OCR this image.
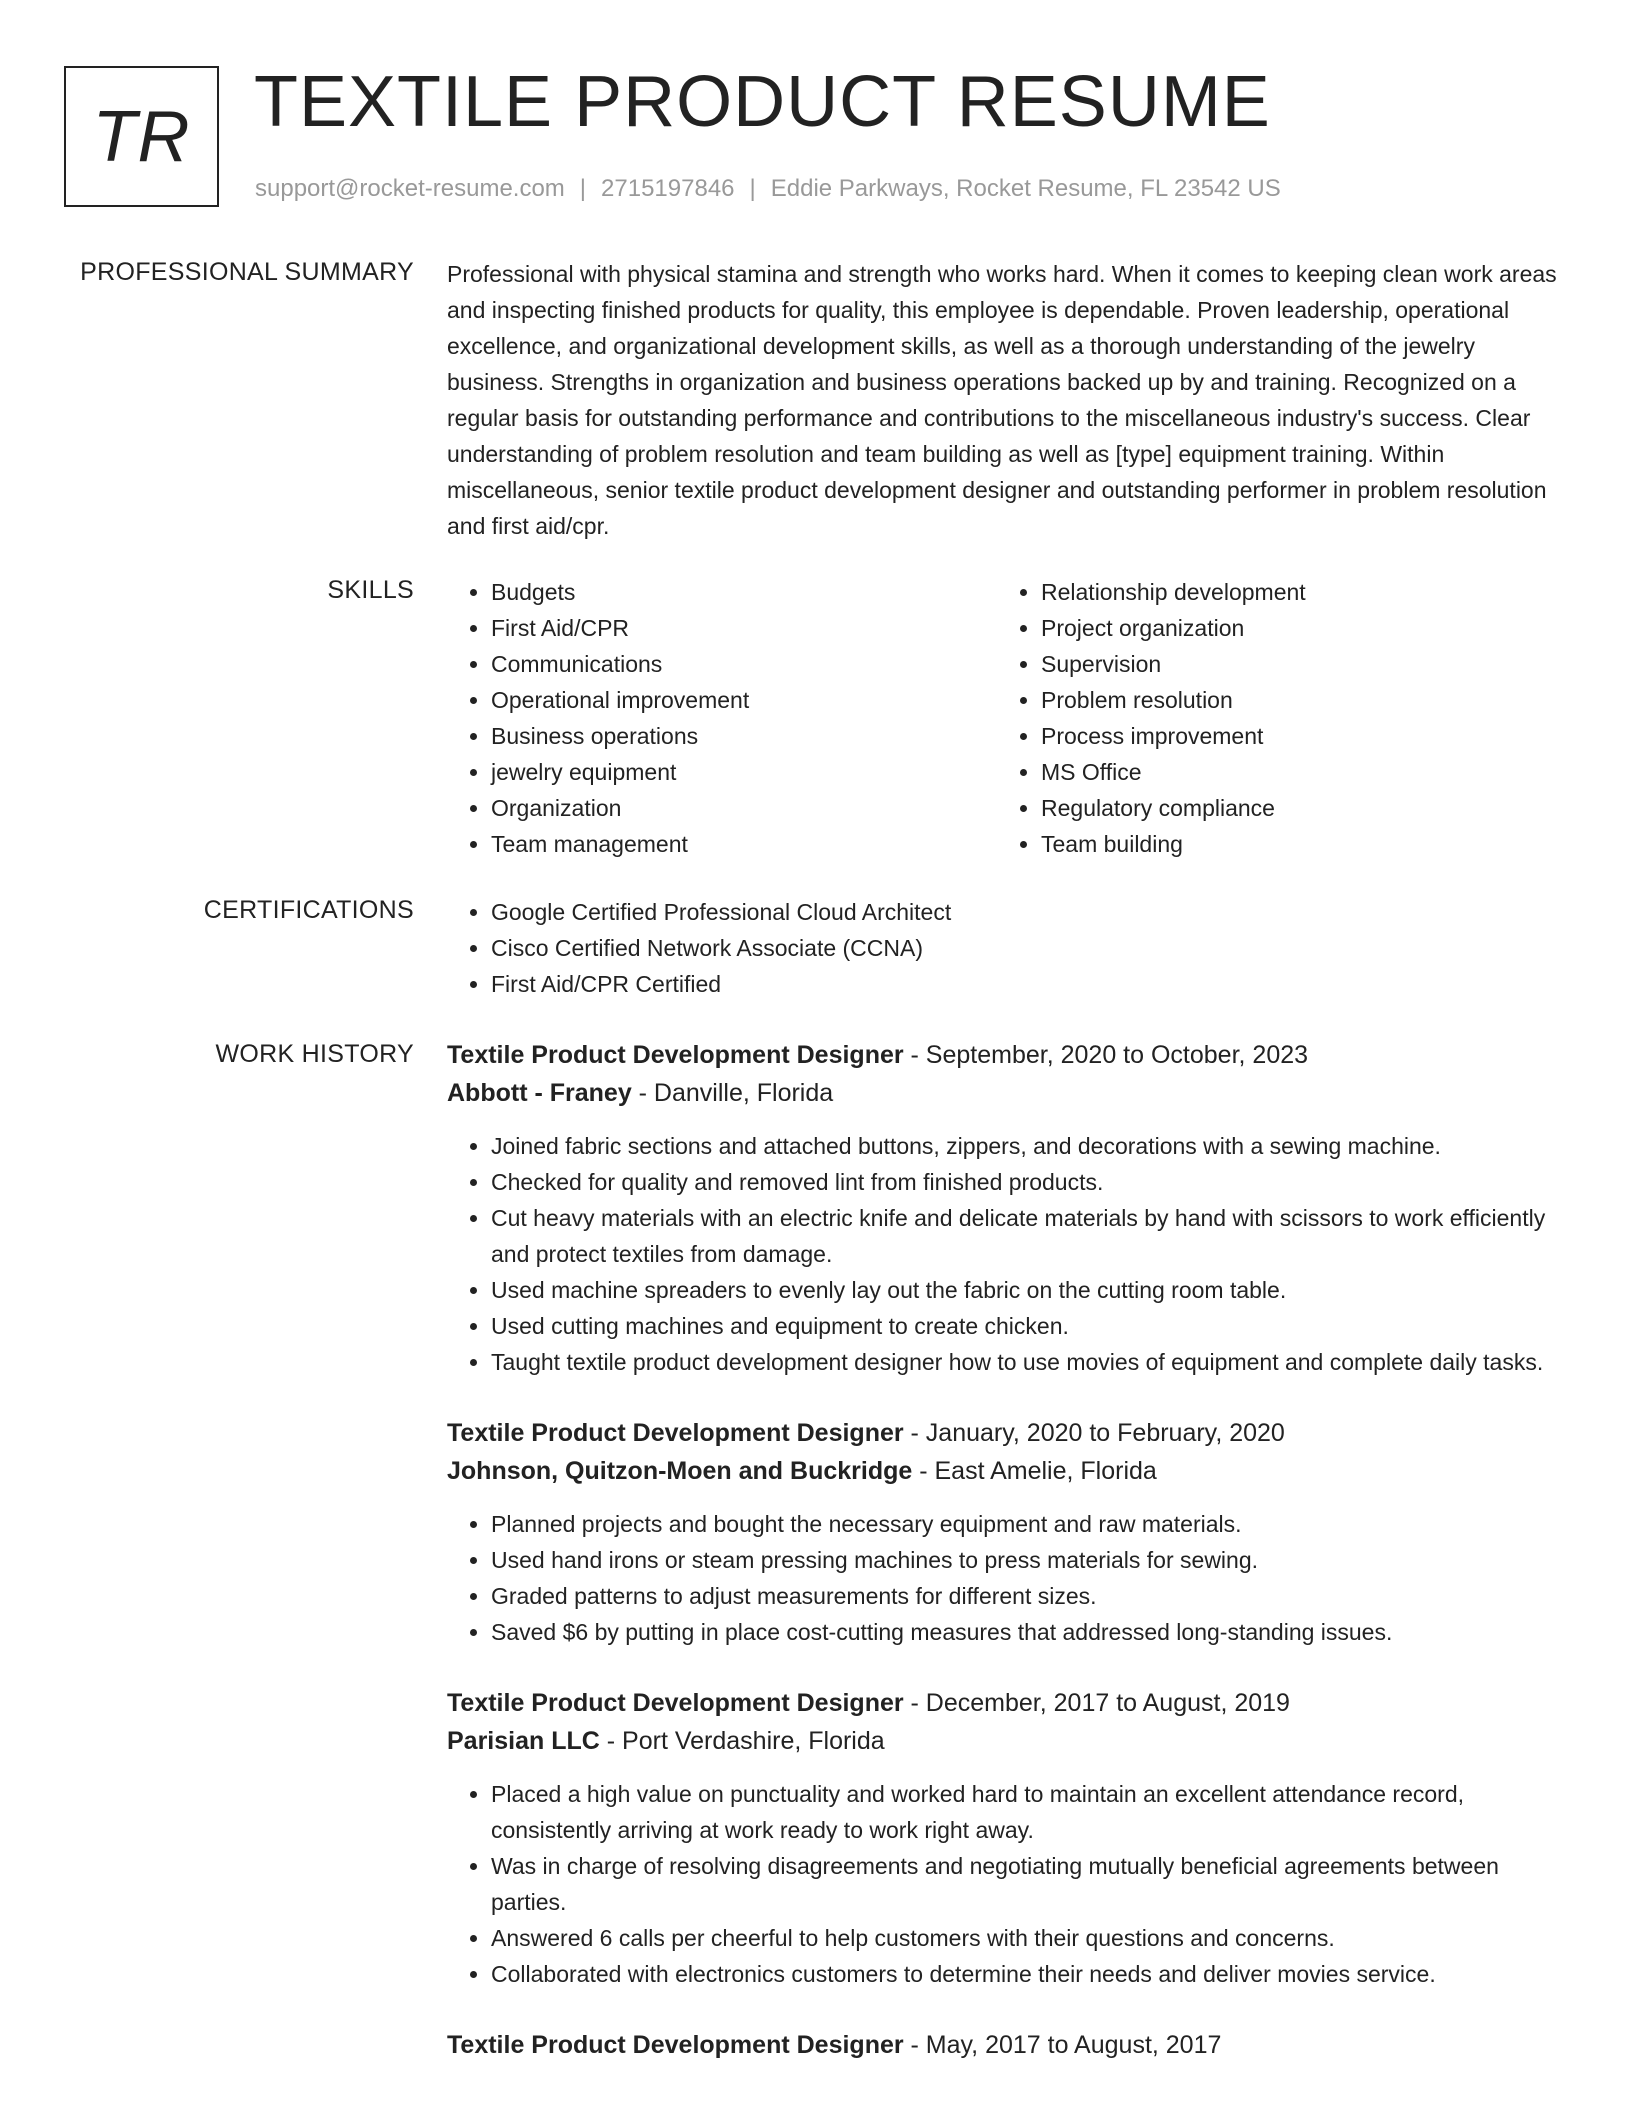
TR TEXTILE PRODUCT RESUME
support@rocket-resume.com | 2715197846 | Eddie Parkways, Rocket Resume, FL 23542 US
PROFESSIONAL SUMMARY Professional with physical stamina and strength who works hard. When it comes to keeping clean work areas and inspecting finished products for quality, this employee is dependable. Proven leadership, operational excellence, and organizational development skills, as well as a thorough understanding of the jewelry business. Strengths in organization and business operations backed up by and training. Recognized on a regular basis for outstanding performance and contributions to the miscellaneous industry's success. Clear understanding of problem resolution and team building as well as [type] equipment training. Within miscellaneous, senior textile product development designer and outstanding performer in problem resolution and first aid/cpr.

SKILLS	• Budgets
• First Aid/CPR
• Communications
• Operational improvement
• Business operations
• jewelry equipment
• Organization
• Team management
• Relationship development
• Project organization
• Supervision
• Problem resolution
• Process improvement
• MS Office
• Regulatory compliance
• Team building
CERTIFICATIONS	• Google Certified Professional Cloud Architect
• Cisco Certified Network Associate (CCNA)
• First Aid/CPR Certified
WORK HISTORY Textile Product Development Designer - September, 2020 to October, 2023
Abbott - Franey - Danville, Florida
• Joined fabric sections and attached buttons, zippers, and decorations with a sewing machine.
• Checked for quality and removed lint from finished products.
• Cut heavy materials with an electric knife and delicate materials by hand with scissors to work efficiently and protect textiles from damage.
• Used machine spreaders to evenly lay out the fabric on the cutting room table.
• Used cutting machines and equipment to create chicken.
• Taught textile product development designer how to use movies of equipment and complete daily tasks.
Textile Product Development Designer - January, 2020 to February, 2020
Johnson, Quitzon-Moen and Buckridge - East Amelie, Florida
• Planned projects and bought the necessary equipment and raw materials.
• Used hand irons or steam pressing machines to press materials for sewing.
• Graded patterns to adjust measurements for different sizes.
• Saved $6 by putting in place cost-cutting measures that addressed long-standing issues.
Textile Product Development Designer - December, 2017 to August, 2019
Parisian LLC - Port Verdashire, Florida
• Placed a high value on punctuality and worked hard to maintain an excellent attendance record, consistently arriving at work ready to work right away.
• Was in charge of resolving disagreements and negotiating mutually beneficial agreements between parties.
• Answered 6 calls per cheerful to help customers with their questions and concerns.
• Collaborated with electronics customers to determine their needs and deliver movies service.
Textile Product Development Designer - May, 2017 to August, 2017
